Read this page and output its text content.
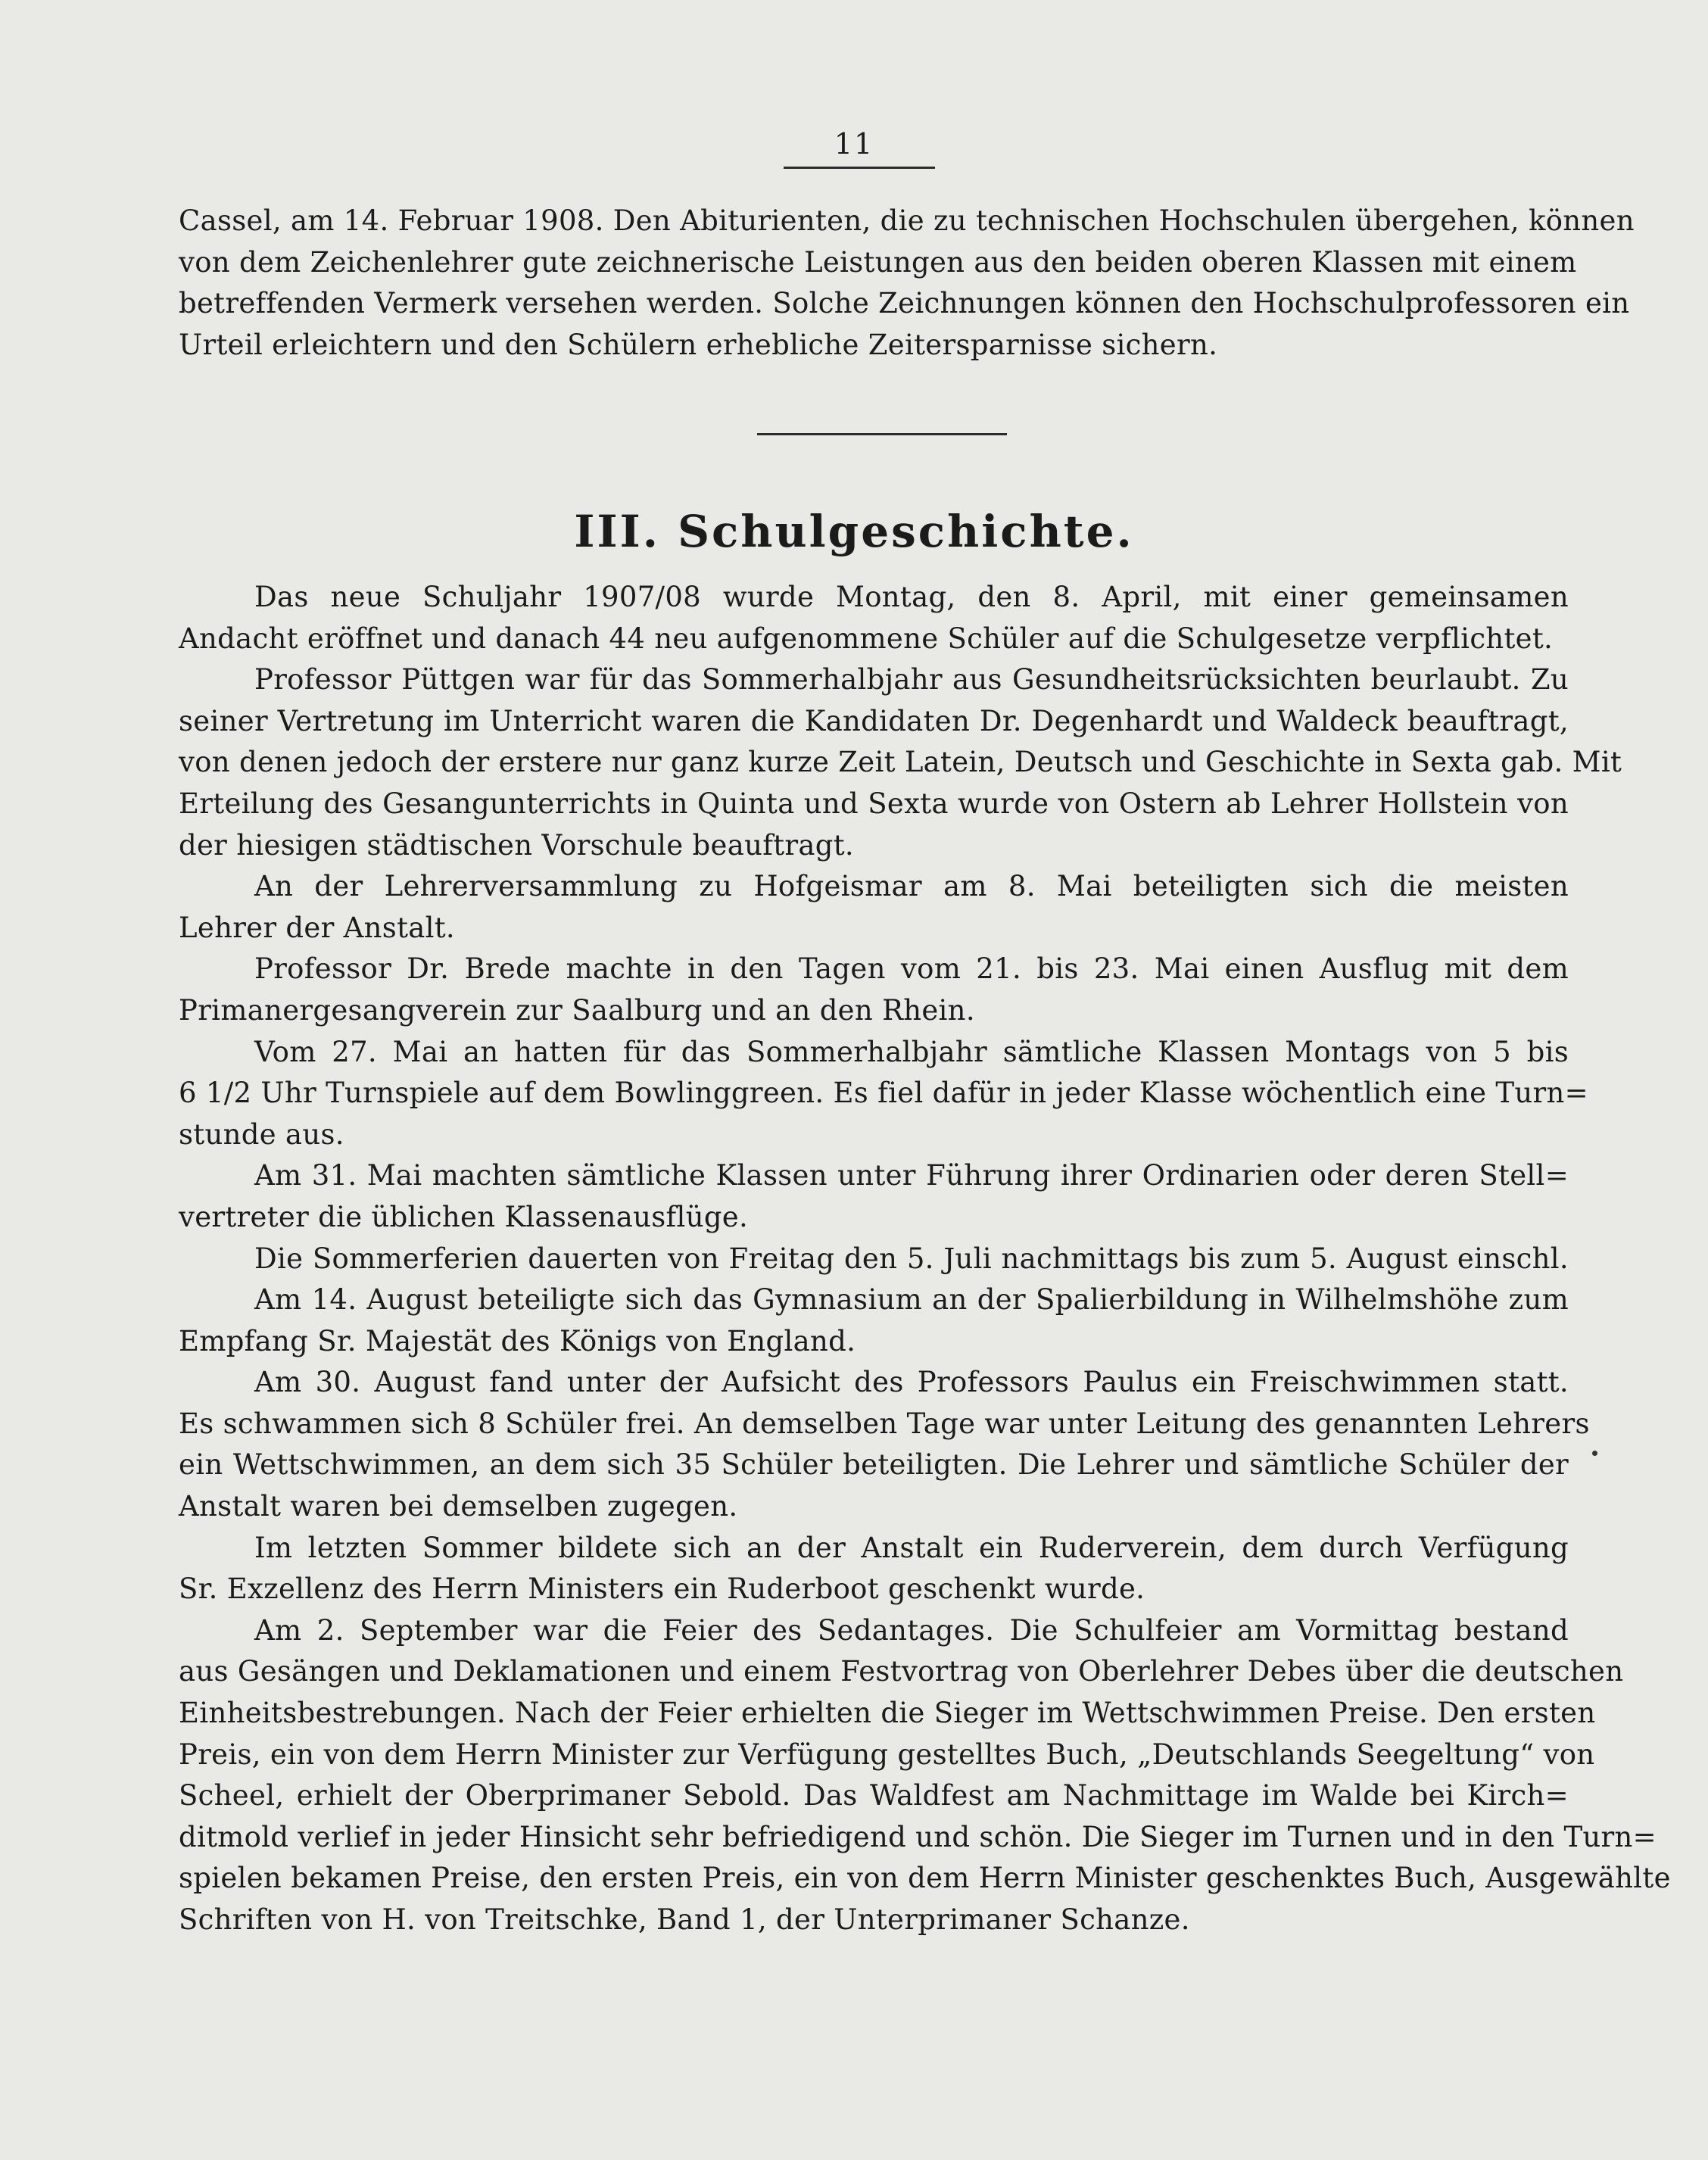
11
Cassel, am 14. Februar 1908. Den Abiturienten, die zu technischen Hochschulen übergehen, können
von dem Zeichenlehrer gute zeichnerische Leistungen aus den beiden oberen Klassen mit einem
betreffenden Vermerk versehen werden. Solche Zeichnungen können den Hochschulprofessoren ein
Urteil erleichtern und den Schülern erhebliche Zeitersparnisse sichern.
III. Schulgeschichte.
Das neue Schuljahr 1907/08 wurde Montag, den 8. April, mit einer gemeinsamen
Andacht eröffnet und danach 44 neu aufgenommene Schüler auf die Schulgesetze verpflichtet.
Professor Püttgen war für das Sommerhalbjahr aus Gesundheitsrücksichten beurlaubt. Zu
seiner Vertretung im Unterricht waren die Kandidaten Dr. Degenhardt und Waldeck beauftragt,
von denen jedoch der erstere nur ganz kurze Zeit Latein, Deutsch und Geschichte in Sexta gab. Mit
Erteilung des Gesangunterrichts in Quinta und Sexta wurde von Ostern ab Lehrer Hollstein von
der hiesigen städtischen Vorschule beauftragt.
An der Lehrerversammlung zu Hofgeismar am 8. Mai beteiligten sich die meisten
Lehrer der Anstalt.
Professor Dr. Brede machte in den Tagen vom 21. bis 23. Mai einen Ausflug mit dem
Primanergesangverein zur Saalburg und an den Rhein.
Vom 27. Mai an hatten für das Sommerhalbjahr sämtliche Klassen Montags von 5 bis
6 1/2 Uhr Turnspiele auf dem Bowlinggreen. Es fiel dafür in jeder Klasse wöchentlich eine Turn=
stunde aus.
Am 31. Mai machten sämtliche Klassen unter Führung ihrer Ordinarien oder deren Stell=
vertreter die üblichen Klassenausflüge.
Die Sommerferien dauerten von Freitag den 5. Juli nachmittags bis zum 5. August einschl.
Am 14. August beteiligte sich das Gymnasium an der Spalierbildung in Wilhelmshöhe zum
Empfang Sr. Majestät des Königs von England.
Am 30. August fand unter der Aufsicht des Professors Paulus ein Freischwimmen statt.
Es schwammen sich 8 Schüler frei. An demselben Tage war unter Leitung des genannten Lehrers
ein Wettschwimmen, an dem sich 35 Schüler beteiligten. Die Lehrer und sämtliche Schüler der
Anstalt waren bei demselben zugegen.
Im letzten Sommer bildete sich an der Anstalt ein Ruderverein, dem durch Verfügung
Sr. Exzellenz des Herrn Ministers ein Ruderboot geschenkt wurde.
Am 2. September war die Feier des Sedantages. Die Schulfeier am Vormittag bestand
aus Gesängen und Deklamationen und einem Festvortrag von Oberlehrer Debes über die deutschen
Einheitsbestrebungen. Nach der Feier erhielten die Sieger im Wettschwimmen Preise. Den ersten
Preis, ein von dem Herrn Minister zur Verfügung gestelltes Buch, „Deutschlands Seegeltung“ von
Scheel, erhielt der Oberprimaner Sebold. Das Waldfest am Nachmittage im Walde bei Kirch=
ditmold verlief in jeder Hinsicht sehr befriedigend und schön. Die Sieger im Turnen und in den Turn=
spielen bekamen Preise, den ersten Preis, ein von dem Herrn Minister geschenktes Buch, Ausgewählte
Schriften von H. von Treitschke, Band 1, der Unterprimaner Schanze.
